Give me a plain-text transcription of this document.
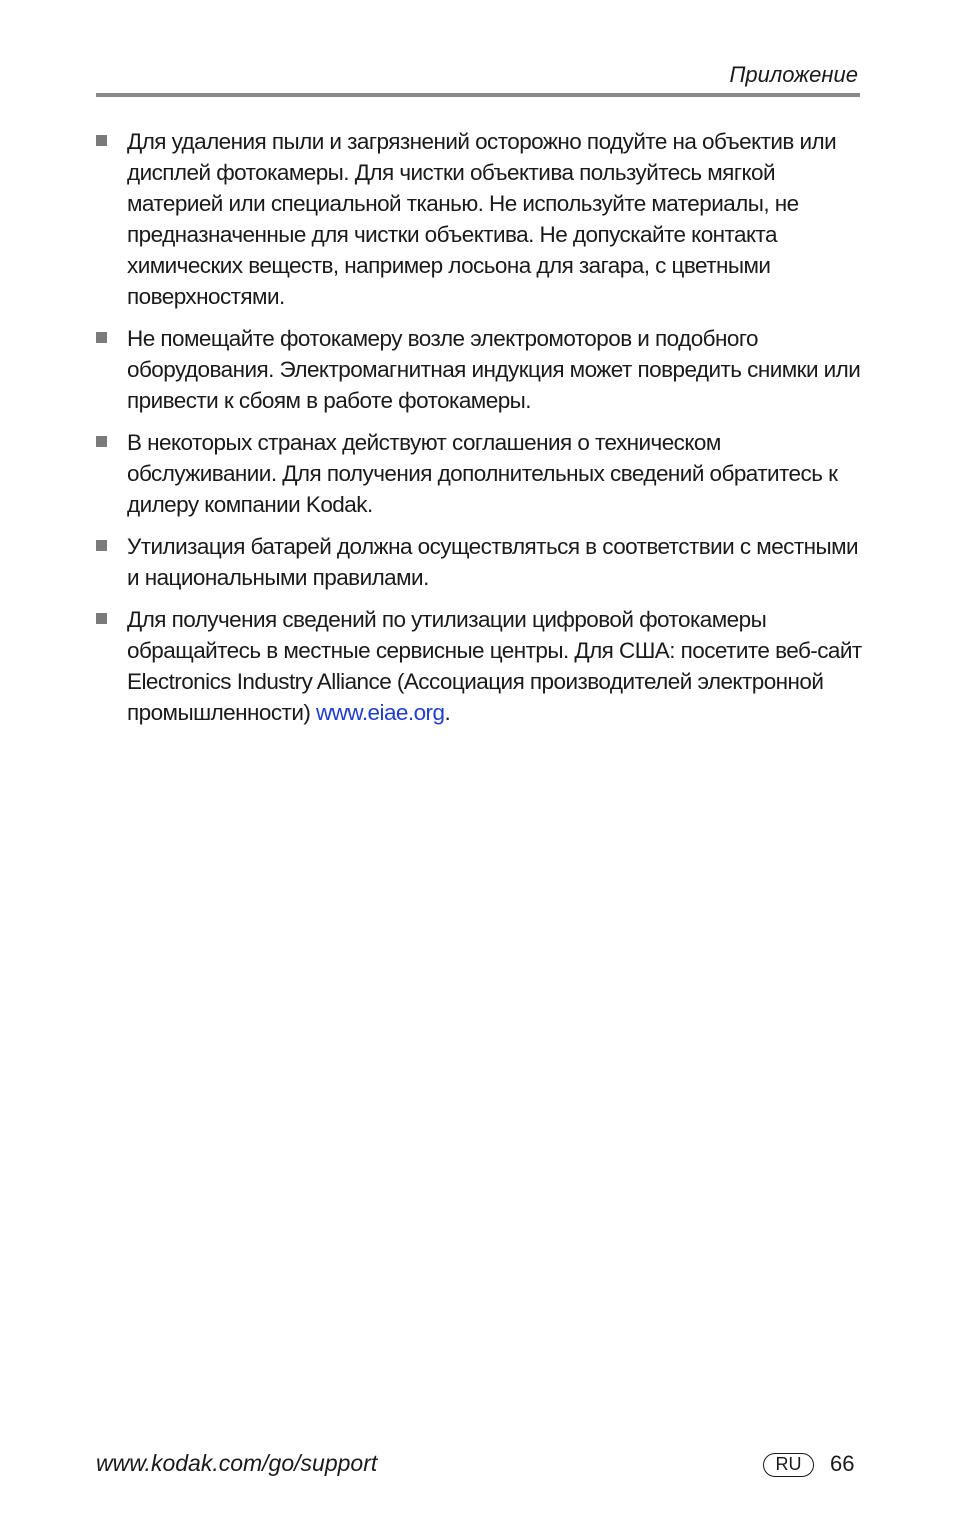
Приложение
Для удаления пыли и загрязнений осторожно подуйте на объектив или дисплей фотокамеры. Для чистки объектива пользуйтесь мягкой материей или специальной тканью. Не используйте материалы, не предназначенные для чистки объектива. Не допускайте контакта химических веществ, например лосьона для загара, с цветными поверхностями.
Не помещайте фотокамеру возле электромоторов и подобного оборудования. Электромагнитная индукция может повредить снимки или привести к сбоям в работе фотокамеры.
В некоторых странах действуют соглашения о техническом обслуживании. Для получения дополнительных сведений обратитесь к дилеру компании Kodak.
Утилизация батарей должна осуществляться в соответствии с местными и национальными правилами.
Для получения сведений по утилизации цифровой фотокамеры обращайтесь в местные сервисные центры. Для США: посетите веб-сайт Electronics Industry Alliance (Ассоциация производителей электронной промышленности) www.eiae.org.
www.kodak.com/go/support	RU	66
